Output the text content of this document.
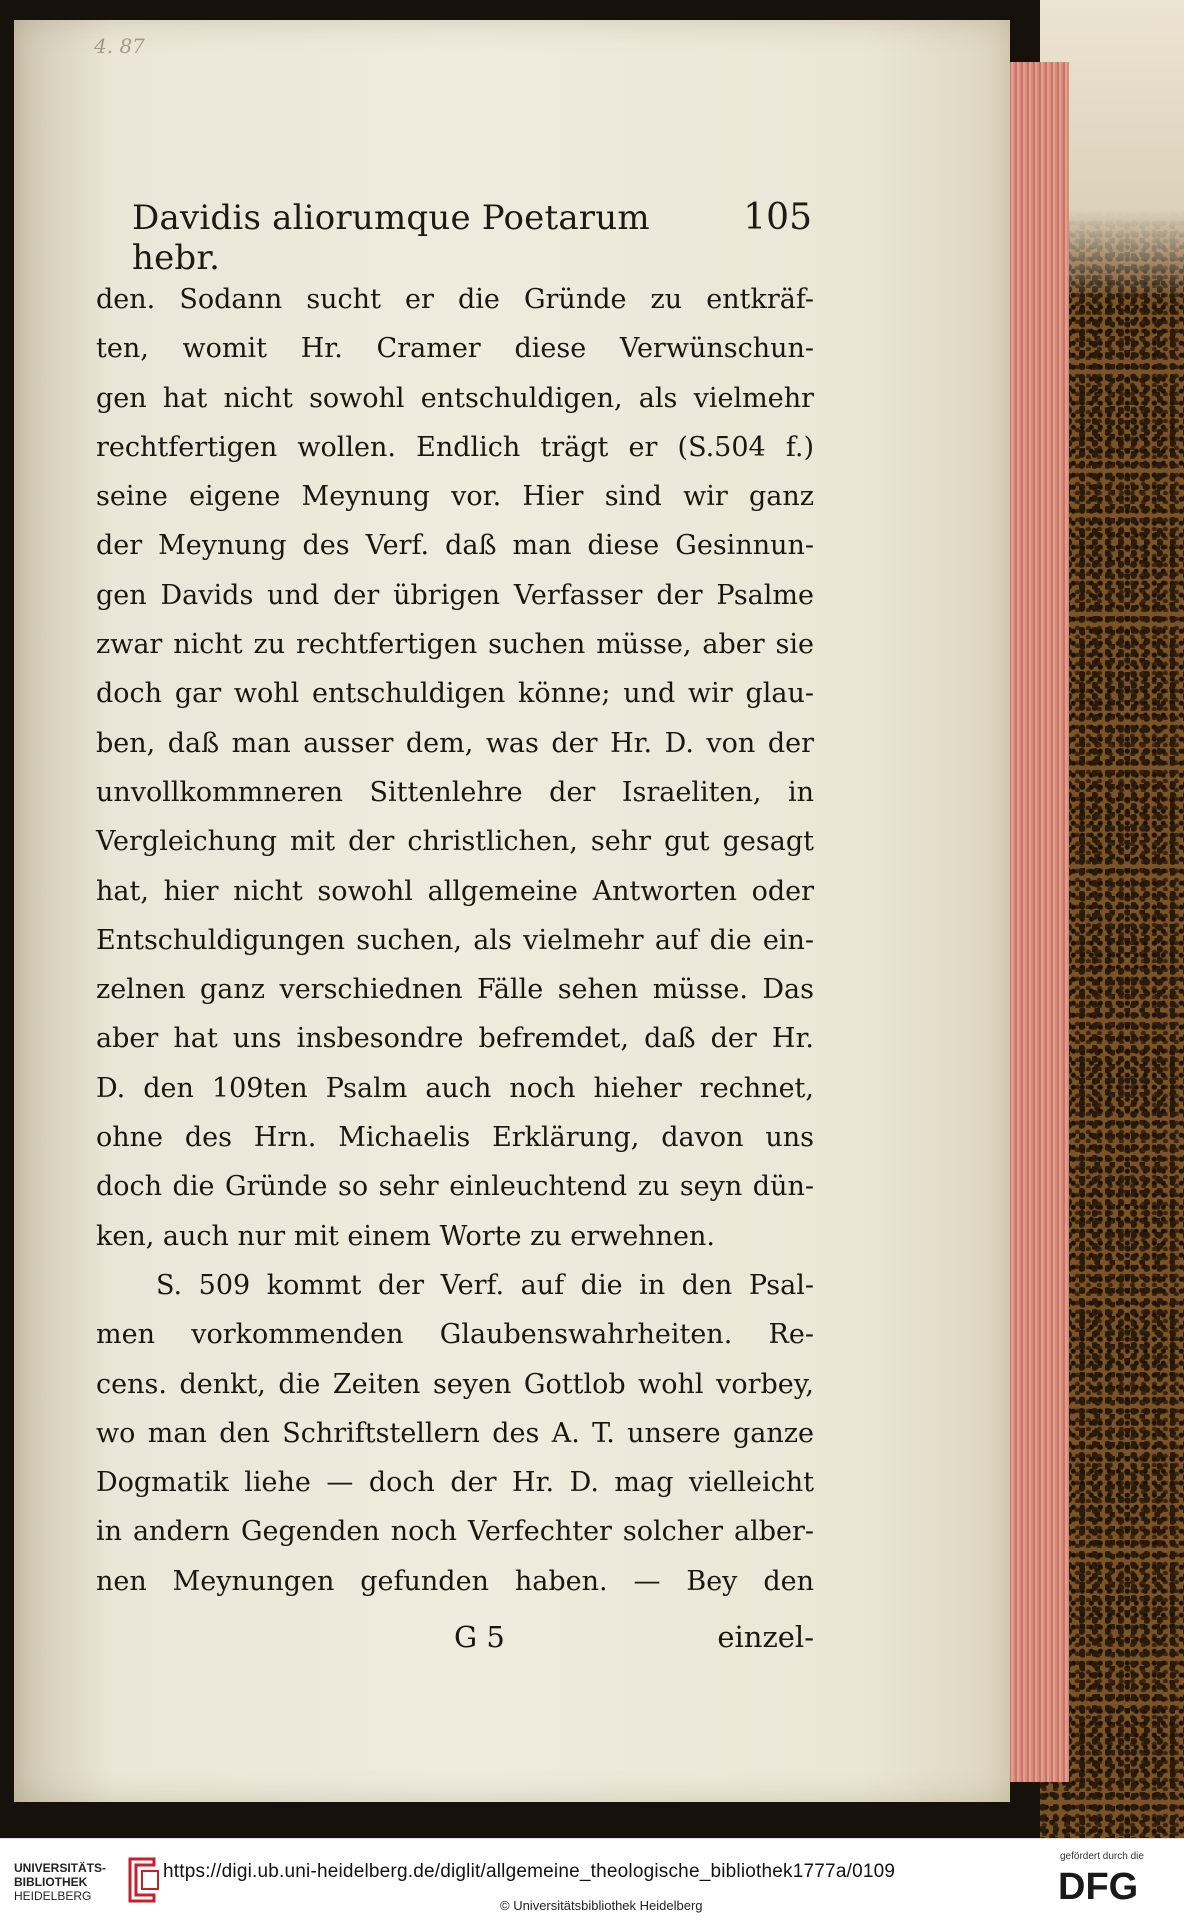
4. 87
Davidis aliorumque Poetarum hebr.
105
den. Sodann sucht er die Gründe zu entkräf-
ten, womit Hr. Cramer diese Verwünschun-
gen hat nicht sowohl entschuldigen, als vielmehr
rechtfertigen wollen. Endlich trägt er (S.504 f.)
seine eigene Meynung vor. Hier sind wir ganz
der Meynung des Verf. daß man diese Gesinnun-
gen Davids und der übrigen Verfasser der Psalme
zwar nicht zu rechtfertigen suchen müsse, aber sie
doch gar wohl entschuldigen könne; und wir glau-
ben, daß man ausser dem, was der Hr. D. von der
unvollkommneren Sittenlehre der Israeliten, in
Vergleichung mit der christlichen, sehr gut gesagt
hat, hier nicht sowohl allgemeine Antworten oder
Entschuldigungen suchen, als vielmehr auf die ein-
zelnen ganz verschiednen Fälle sehen müsse. Das
aber hat uns insbesondre befremdet, daß der Hr.
D. den 109ten Psalm auch noch hieher rechnet,
ohne des Hrn. Michaelis Erklärung, davon uns
doch die Gründe so sehr einleuchtend zu seyn dün-
ken, auch nur mit einem Worte zu erwehnen.
S. 509 kommt der Verf. auf die in den Psal-
men vorkommenden Glaubenswahrheiten. Re-
cens. denkt, die Zeiten seyen Gottlob wohl vorbey,
wo man den Schriftstellern des A. T. unsere ganze
Dogmatik liehe — doch der Hr. D. mag vielleicht
in andern Gegenden noch Verfechter solcher alber-
nen Meynungen gefunden haben. — Bey den
G 5	einzel-
UNIVERSITÄTS-
BIBLIOTHEK
HEIDELBERG
https://digi.ub.uni-heidelberg.de/diglit/allgemeine_theologische_bibliothek1777a/0109
© Universitätsbibliothek Heidelberg
gefördert durch die
DFG
